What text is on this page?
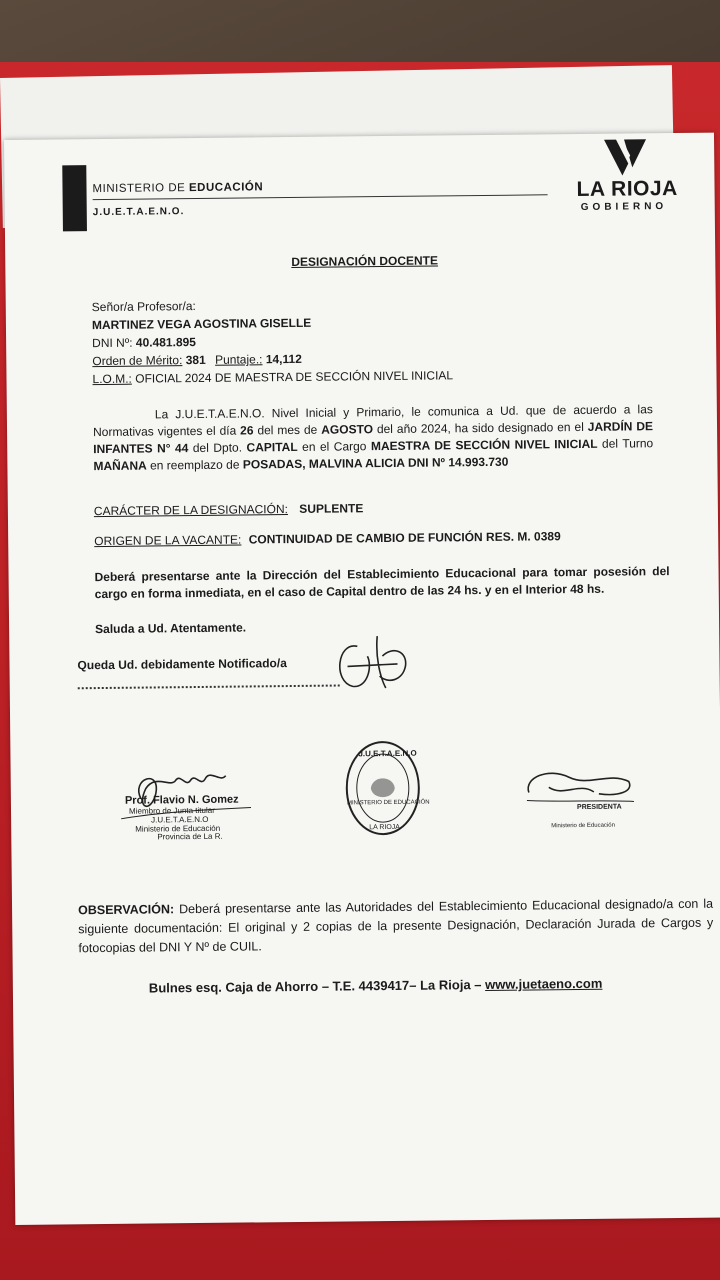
MINISTERIO DE EDUCACIÓN
J.U.E.T.A.E.N.O.
LA RIOJA
GOBIERNO
DESIGNACIÓN DOCENTE
Señor/a Profesor/a:
MARTINEZ VEGA AGOSTINA GISELLE
DNI Nº: 40.481.895
Orden de Mérito: 381 Puntaje.: 14,112
L.O.M.: OFICIAL 2024 DE MAESTRA DE SECCIÓN NIVEL INICIAL
La J.U.E.T.A.E.N.O. Nivel Inicial y Primario, le comunica a Ud. que de acuerdo a las Normativas vigentes el día 26 del mes de AGOSTO del año 2024, ha sido designado en el JARDÍN DE INFANTES N° 44 del Dpto. CAPITAL en el Cargo MAESTRA DE SECCIÓN NIVEL INICIAL del Turno MAÑANA en reemplazo de POSADAS, MALVINA ALICIA DNI Nº 14.993.730
CARÁCTER DE LA DESIGNACIÓN: SUPLENTE
ORIGEN DE LA VACANTE: CONTINUIDAD DE CAMBIO DE FUNCIÓN RES. M. 0389
Deberá presentarse ante la Dirección del Establecimiento Educacional para tomar posesión del cargo en forma inmediata, en el caso de Capital dentro de las 24 hs. y en el Interior 48 hs.
Saluda a Ud. Atentamente.
Queda Ud. debidamente Notificado/a
Prof. Flavio N. Gomez
Miembro de Junta titular
J.U.E.T.A.E.N.O
Ministerio de Educación
Provincia de La R.
J.U.E.T.A.E.N.O
MINISTERIO DE EDUCACIÓN
LA RIOJA
PRESIDENTA
Ministerio de Educación
OBSERVACIÓN: Deberá presentarse ante las Autoridades del Establecimiento Educacional designado/a con la siguiente documentación: El original y 2 copias de la presente Designación, Declaración Jurada de Cargos y fotocopias del DNI Y Nº de CUIL.
Bulnes esq. Caja de Ahorro – T.E. 4439417– La Rioja – www.juetaeno.com
